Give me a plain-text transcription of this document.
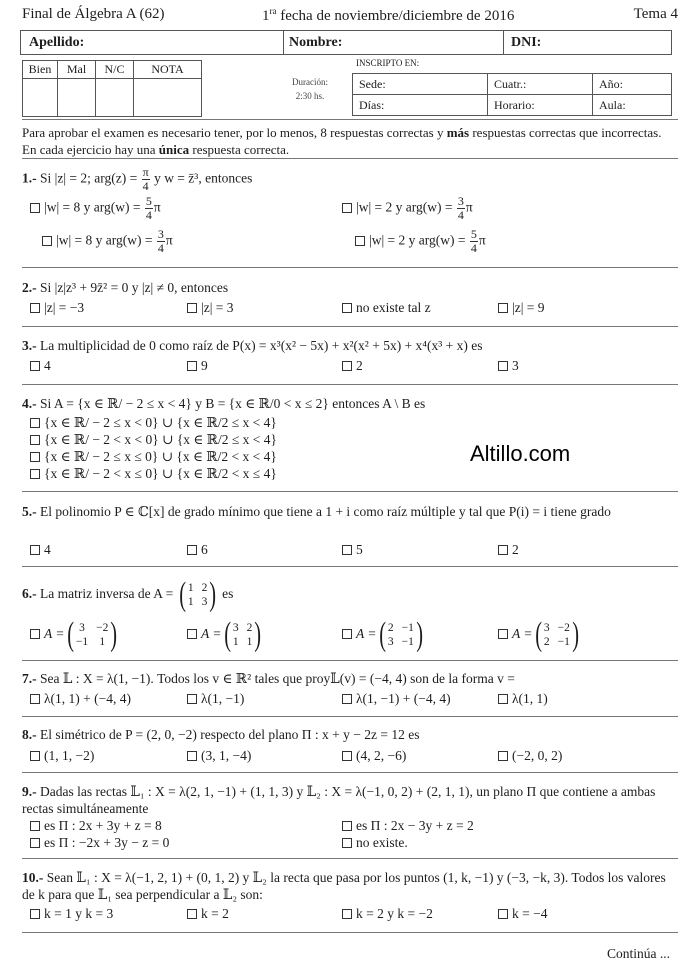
Final de Álgebra A (62)	$1^{ra}$ fecha de noviembre/diciembre de 2016	Tema 4
Apellido:	Nombre:	DNI:
Bien	Mal	N/C	NOTA

Duración:
2:30 hs.
INSCRIPTO EN:
Sede:	Cuatr.:	Año:
Días:	Horario:	Aula:
Para aprobar el examen es necesario tener, por lo menos, 8 respuestas correctas y más respuestas correctas que incorrectas. En cada ejercicio hay una única respuesta correcta.
1.- Si |z| = 2; $arg(z) = \frac{\pi}{4}$ y w = z̄³, entonces
|w| = 8 y $arg(w) = \frac{5}{4}$ π	|w| = 2 y $arg(w) = \frac{3}{4}$ π
|w| = 8 y $arg(w) = \frac{3}{4}$ π	|w| = 2 y $arg(w) = \frac{5}{4}$ π
2.- Si |z|z³ + 9z̄² = 0 y |z| ≠ 0, entonces
|z| = −3	|z| = 3	no existe tal z	|z| = 9
3.- La multiplicidad de 0 como raíz de P(x) = x³(x² − 5x) + x²(x² + 5x) + x⁴(x³ + x) es
4	9	2	3
4.- Si A = {x ∈ ℝ/ − 2 ≤ x < 4} y B = {x ∈ ℝ/0 < x ≤ 2} entonces A \ B es
{x ∈ ℝ/ − 2 ≤ x < 0} ∪ {x ∈ ℝ/2 ≤ x < 4}
{x ∈ ℝ/ − 2 < x < 0} ∪ {x ∈ ℝ/2 ≤ x < 4}
{x ∈ ℝ/ − 2 ≤ x ≤ 0} ∪ {x ∈ ℝ/2 < x < 4}
{x ∈ ℝ/ − 2 < x ≤ 0} ∪ {x ∈ ℝ/2 < x ≤ 4}
Altillo.com
5.- El polinomio P ∈ ℂ[x] de grado mínimo que tiene a 1 + i como raíz múltiple y tal que P(i) = i tiene grado
4	6	5	2
6.- La matriz inversa de A = ( 1 2
1 3 ) es
A = ( 3 −2
−1 1 )	A = ( 3 2
1 1 )	A = ( 2 −1
3 −1 )	A = ( 3 −2
2 −1 )
7.- Sea 𝕃 : X = λ(1, −1). Todos los v ∈ ℝ² tales que proy𝕃(v) = (−4, 4) son de la forma v =
λ(1, 1) + (−4, 4)	λ(1, −1)	λ(1, −1) + (−4, 4)	λ(1, 1)
8.- El simétrico de P = (2, 0, −2) respecto del plano Π : x + y − 2z = 12 es
(1, 1, −2)	(3, 1, −4)	(4, 2, −6)	(−2, 0, 2)
9.- Dadas las rectas 𝕃₁ : X = λ(2, 1, −1) + (1, 1, 3) y 𝕃₂ : X = λ(−1, 0, 2) + (2, 1, 1), un plano Π que contiene a ambas rectas simultáneamente
es Π : 2x + 3y + z = 8	es Π : 2x − 3y + z = 2
es Π : −2x + 3y − z = 0	no existe.
10.- Sean 𝕃₁ : X = λ(−1, 2, 1) + (0, 1, 2) y 𝕃₂ la recta que pasa por los puntos (1, k, −1) y (−3, −k, 3). Todos los valores de k para que 𝕃₁ sea perpendicular a 𝕃₂ son:
k = 1 y k = 3	k = 2	k = 2 y k = −2	k = −4
Continúa ...
